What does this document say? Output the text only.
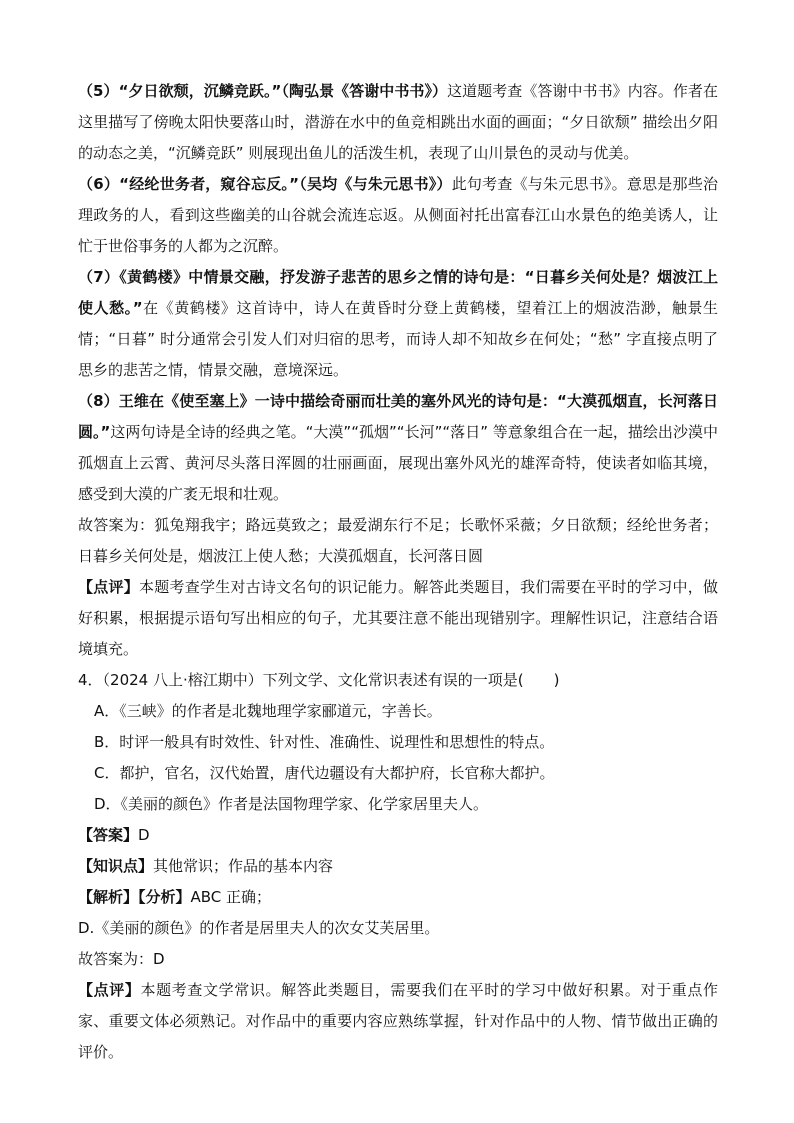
（5）“夕日欲颓，沉鳞竞跃。”（陶弘景《答谢中书书》）这道题考查《答谢中书书》内容。作者在这里描写了傍晚太阳快要落山时，潜游在水中的鱼竞相跳出水面的画面；“夕日欲颓” 描绘出夕阳的动态之美，“沉鳞竞跃” 则展现出鱼儿的活泼生机，表现了山川景色的灵动与优美。

（6）“经纶世务者，窥谷忘反。”（吴均《与朱元思书》）此句考查《与朱元思书》。意思是那些治理政务的人，看到这些幽美的山谷就会流连忘返。从侧面衬托出富春江山水景色的绝美诱人，让忙于世俗事务的人都为之沉醉。

（7）《黄鹤楼》中情景交融，抒发游子悲苦的思乡之情的诗句是：“日暮乡关何处是？烟波江上使人愁。”在《黄鹤楼》这首诗中，诗人在黄昏时分登上黄鹤楼，望着江上的烟波浩渺，触景生情；“日暮” 时分通常会引发人们对归宿的思考，而诗人却不知故乡在何处；“愁” 字直接点明了思乡的悲苦之情，情景交融，意境深远。

（8）王维在《使至塞上》一诗中描绘奇丽而壮美的塞外风光的诗句是：“大漠孤烟直，长河落日圆。”这两句诗是全诗的经典之笔。“大漠”“孤烟”“长河”“落日” 等意象组合在一起，描绘出沙漠中孤烟直上云霄、黄河尽头落日浑圆的壮丽画面，展现出塞外风光的雄浑奇特，使读者如临其境，感受到大漠的广袤无垠和壮观。

故答案为：狐兔翔我宇；路远莫致之；最爱湖东行不足；长歌怀采薇；夕日欲颓；经纶世务者；日暮乡关何处是，烟波江上使人愁；大漠孤烟直，长河落日圆

【点评】本题考查学生对古诗文名句的识记能力。解答此类题目，我们需要在平时的学习中，做好积累，根据提示语句写出相应的句子，尤其要注意不能出现错别字。理解性识记，注意结合语境填充。

4．（2024 八上·榕江期中）下列文学、文化常识表述有误的一项是(　　)

A．《三峡》的作者是北魏地理学家郦道元，字善长。

B．时评一般具有时效性、针对性、准确性、说理性和思想性的特点。

C．都护，官名，汉代始置，唐代边疆设有大都护府，长官称大都护。

D．《美丽的颜色》作者是法国物理学家、化学家居里夫人。

【答案】D

【知识点】其他常识；作品的基本内容

【解析】【分析】ABC 正确；

D.《美丽的颜色》的作者是居里夫人的次女艾芙居里。

故答案为：D

【点评】本题考查文学常识。解答此类题目，需要我们在平时的学习中做好积累。对于重点作家、重要文体必须熟记。对作品中的重要内容应熟练掌握，针对作品中的人物、情节做出正确的评价。
